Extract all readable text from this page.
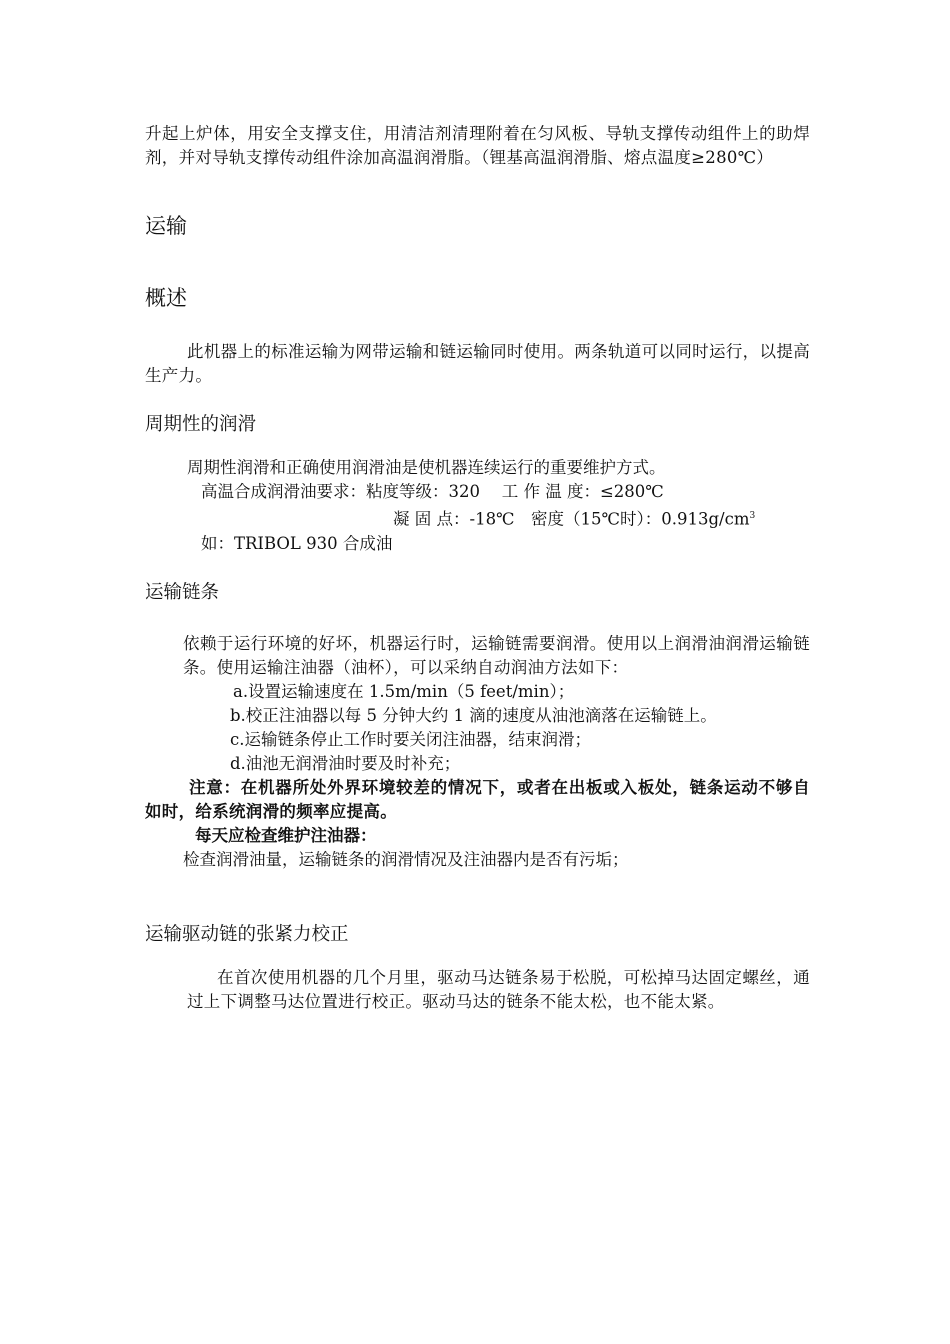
升起上炉体，用安全支撑支住，用清洁剂清理附着在匀风板、导轨支撑传动组件上的助焊剂，并对导轨支撑传动组件涂加高温润滑脂。（锂基高温润滑脂、熔点温度≥280℃）

运输
概述

此机器上的标准运输为网带运输和链运输同时使用。两条轨道可以同时运行，以提高生产力。

周期性的润滑
周期性润滑和正确使用润滑油是使机器连续运行的重要维护方式。
高温合成润滑油要求：粘度等级：320　 工 作 温 度：≤280℃
凝 固 点：-18℃　密度（15℃时）：$0.913g/cm^3$
如：TRIBOL 930 合成油
运输链条

依赖于运行环境的好坏，机器运行时，运输链需要润滑。使用以上润滑油润滑运输链条。使用运输注油器（油杯），可以采纳自动润油方法如下：

a.设置运输速度在 1.5m/min（5 feet/min）；
b.校正注油器以每 5 分钟大约 1 滴的速度从油池滴落在运输链上。
c.运输链条停止工作时要关闭注油器，结束润滑；
d.油池无润滑油时要及时补充；

注意：在机器所处外界环境较差的情况下，或者在出板或入板处，链条运动不够自如时，给系统润滑的频率应提高。

每天应检查维护注油器：
检查润滑油量，运输链条的润滑情况及注油器内是否有污垢；
运输驱动链的张紧力校正

在首次使用机器的几个月里，驱动马达链条易于松脱，可松掉马达固定螺丝，通过上下调整马达位置进行校正。驱动马达的链条不能太松，也不能太紧。
